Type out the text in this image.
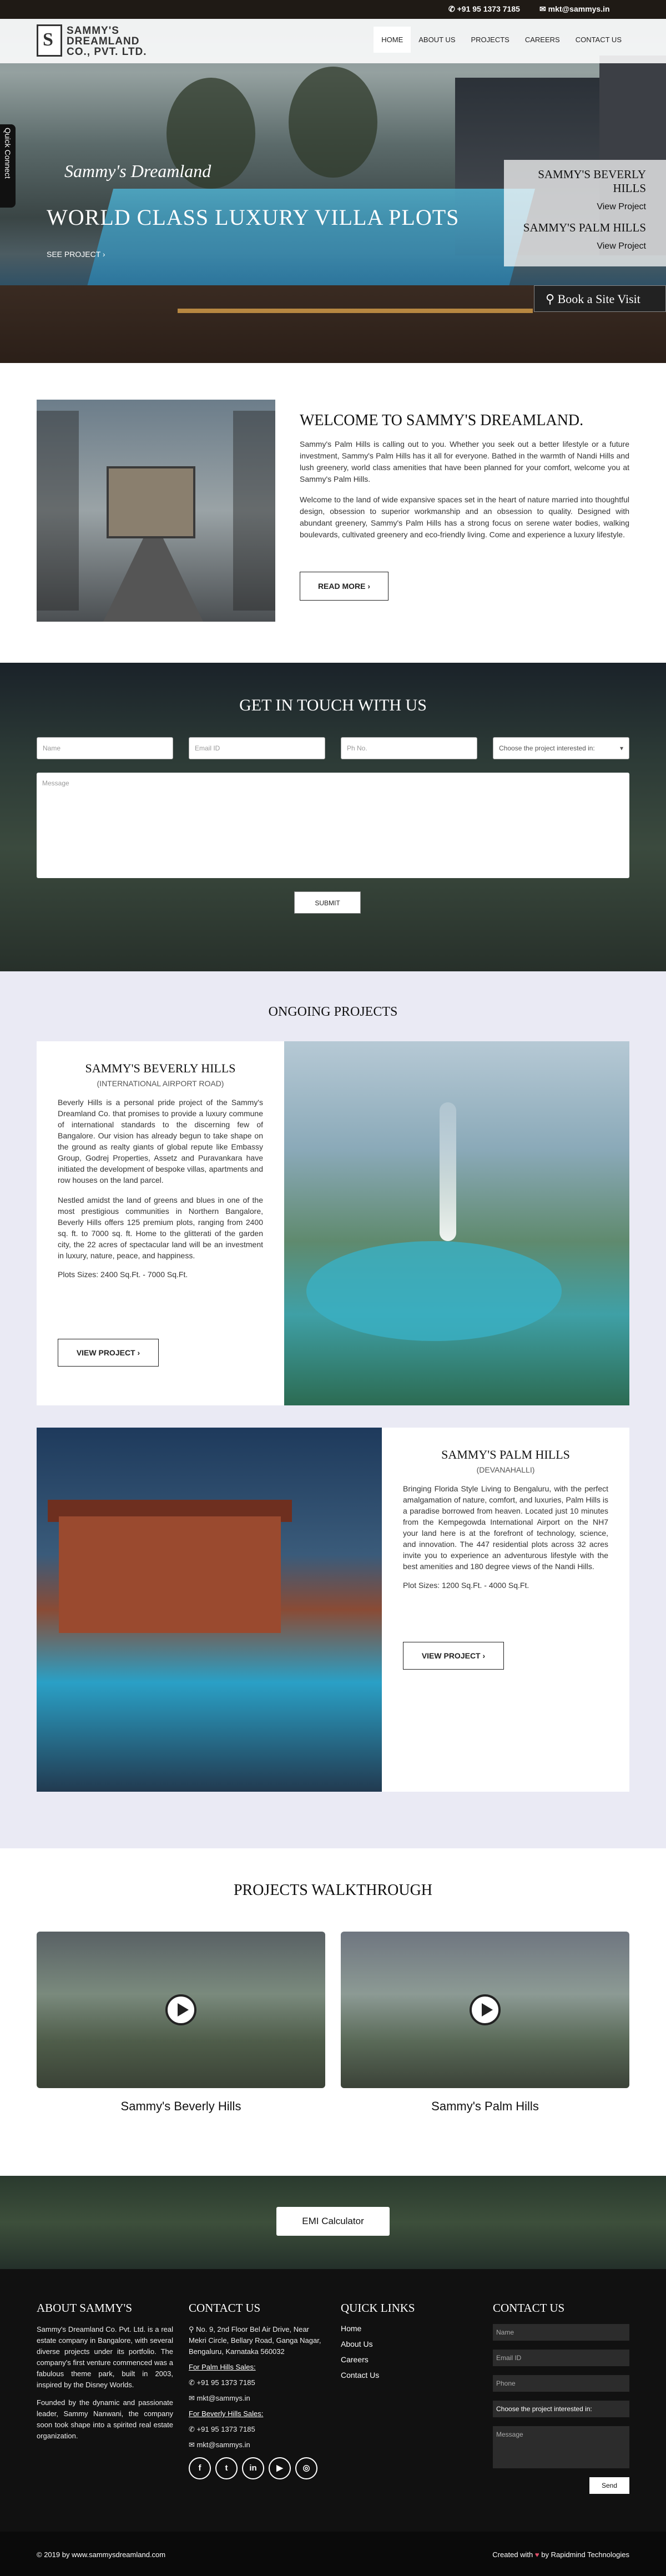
✆ +91 95 1373 7185	✉ mkt@sammys.in
Sammy's Dreamland
WORLD CLASS LUXURY VILLA PLOTS
SEE PROJECT ›
SAMMY'S BEVERLY HILLS
View Project
SAMMY'S PALM HILLS
View Project
⚲ Book a Site Visit
Quick Connect
S SAMMY'S DREAMLAND CO., PVT. LTD.
HOME	ABOUT US	PROJECTS	CAREERS	CONTACT US
WELCOME TO SAMMY'S DREAMLAND.

Sammy's Palm Hills is calling out to you. Whether you seek out a better lifestyle or a future investment, Sammy's Palm Hills has it all for everyone. Bathed in the warmth of Nandi Hills and lush greenery, world class amenities that have been planned for your comfort, welcome you at Sammy's Palm Hills.

Welcome to the land of wide expansive spaces set in the heart of nature married into thoughtful design, obsession to superior workmanship and an obsession to quality. Designed with abundant greenery, Sammy's Palm Hills has a strong focus on serene water bodies, walking boulevards, cultivated greenery and eco-friendly living. Come and experience a luxury lifestyle.

READ MORE ›
GET IN TOUCH WITH US
Name	Email ID	Ph No.	Choose the project interested in:	▾
Message
SUBMIT
ONGOING PROJECTS
SAMMY'S BEVERLY HILLS
(INTERNATIONAL AIRPORT ROAD)

Beverly Hills is a personal pride project of the Sammy's Dreamland Co. that promises to provide a luxury commune of international standards to the discerning few of Bangalore. Our vision has already begun to take shape on the ground as realty giants of global repute like Embassy Group, Godrej Properties, Assetz and Puravankara have initiated the development of bespoke villas, apartments and row houses on the land parcel.

Nestled amidst the land of greens and blues in one of the most prestigious communities in Northern Bangalore, Beverly Hills offers 125 premium plots, ranging from 2400 sq. ft. to 7000 sq. ft. Home to the glitterati of the garden city, the 22 acres of spectacular land will be an investment in luxury, nature, peace, and happiness.

Plots Sizes: 2400 Sq.Ft. - 7000 Sq.Ft.

VIEW PROJECT ›
SAMMY'S PALM HILLS
(DEVANAHALLI)

Bringing Florida Style Living to Bengaluru, with the perfect amalgamation of nature, comfort, and luxuries, Palm Hills is a paradise borrowed from heaven. Located just 10 minutes from the Kempegowda International Airport on the NH7 your land here is at the forefront of technology, science, and innovation. The 447 residential plots across 32 acres invite you to experience an adventurous lifestyle with the best amenities and 180 degree views of the Nandi Hills.

Plot Sizes: 1200 Sq.Ft. - 4000 Sq.Ft.

VIEW PROJECT ›
PROJECTS WALKTHROUGH
Sammy's Beverly Hills	Sammy's Palm Hills
EMI Calculator
ABOUT SAMMY'S

Sammy's Dreamland Co. Pvt. Ltd. is a real estate company in Bangalore, with several diverse projects under its portfolio. The company's first venture commenced was a fabulous theme park, built in 2003, inspired by the Disney Worlds.

Founded by the dynamic and passionate leader, Sammy Nanwani, the company soon took shape into a spirited real estate organization.

CONTACT US
⚲ No. 9, 2nd Floor Bel Air Drive, Near Mekri Circle, Bellary Road, Ganga Nagar, Bengaluru, Karnataka 560032
For Palm Hills Sales:
✆ +91 95 1373 7185
✉ mkt@sammys.in
For Beverly Hills Sales:
✆ +91 95 1373 7185
✉ mkt@sammys.in
f	t	in	▶	◎
QUICK LINKS
Home
About Us
Careers
Contact Us
CONTACT US
Name
Email ID
Phone
Choose the project interested in:
Message
Send
© 2019 by www.sammysdreamland.com	Created with ♥ by Rapidmind Technologies
